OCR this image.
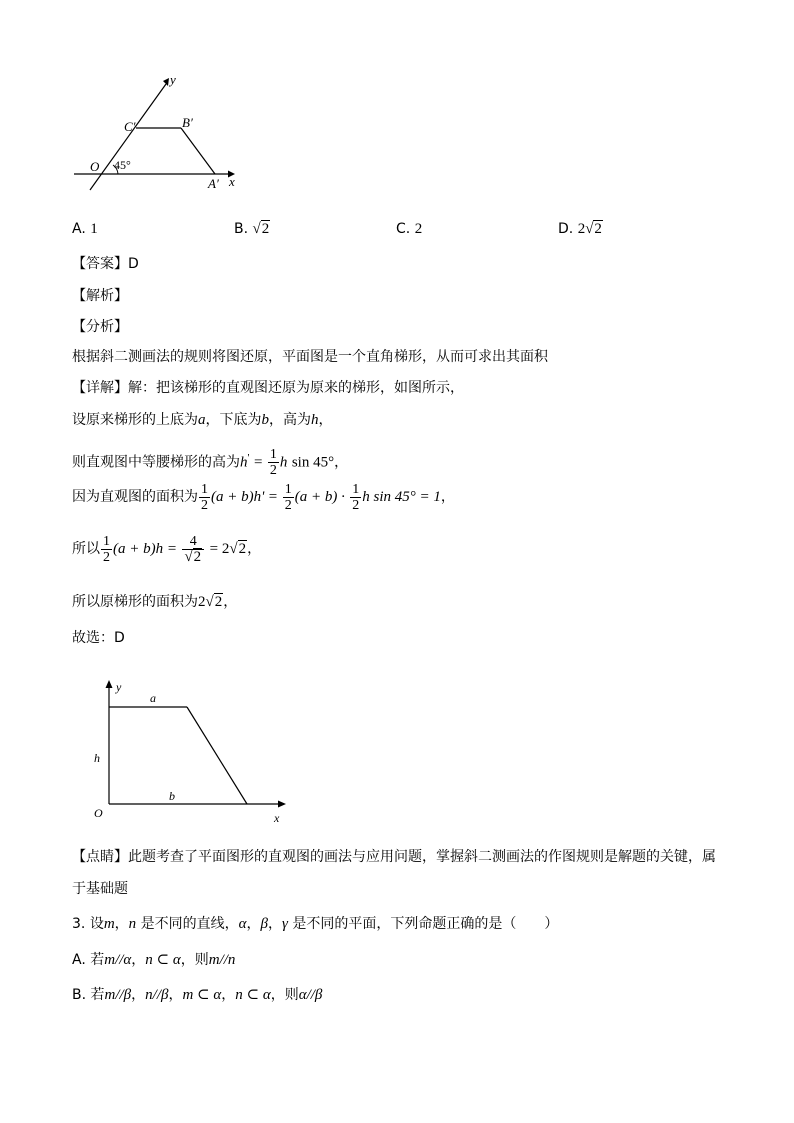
y
x
O
C′	B′
A′
45°
A. 1	B. √2	C. 2	D. 2√2
【答案】D
【解析】
【分析】
根据斜二测画法的规则将图还原，平面图是一个直角梯形，从而可求出其面积
【详解】解：把该梯形的直观图还原为原来的梯形，如图所示，
设原来梯形的上底为a，下底为b，高为h，
则直观图中等腰梯形的高为$h' = \frac{1}{2}$ h sin 45°，
因为直观图的面积为 $\frac{1}{2} (a + b)h' = \frac{1}{2} (a + b) \cdot \frac{1}{2}$ h sin 45° = 1，
所以 $\frac{1}{2} (a + b)h = \frac{4}{√2} = 2√2$，
所以原梯形的面积为2√2，
故选：D
y
a
h
b
O	x
【点睛】此题考查了平面图形的直观图的画法与应用问题，掌握斜二测画法的作图规则是解题的关键，属
于基础题
3. 设m，n 是不同的直线，α，β，γ 是不同的平面，下列命题正确的是（　　）
A. 若m//α，n ⊂ α，则m//n
B. 若m//β，n//β，m ⊂ α，n ⊂ α，则α//β
